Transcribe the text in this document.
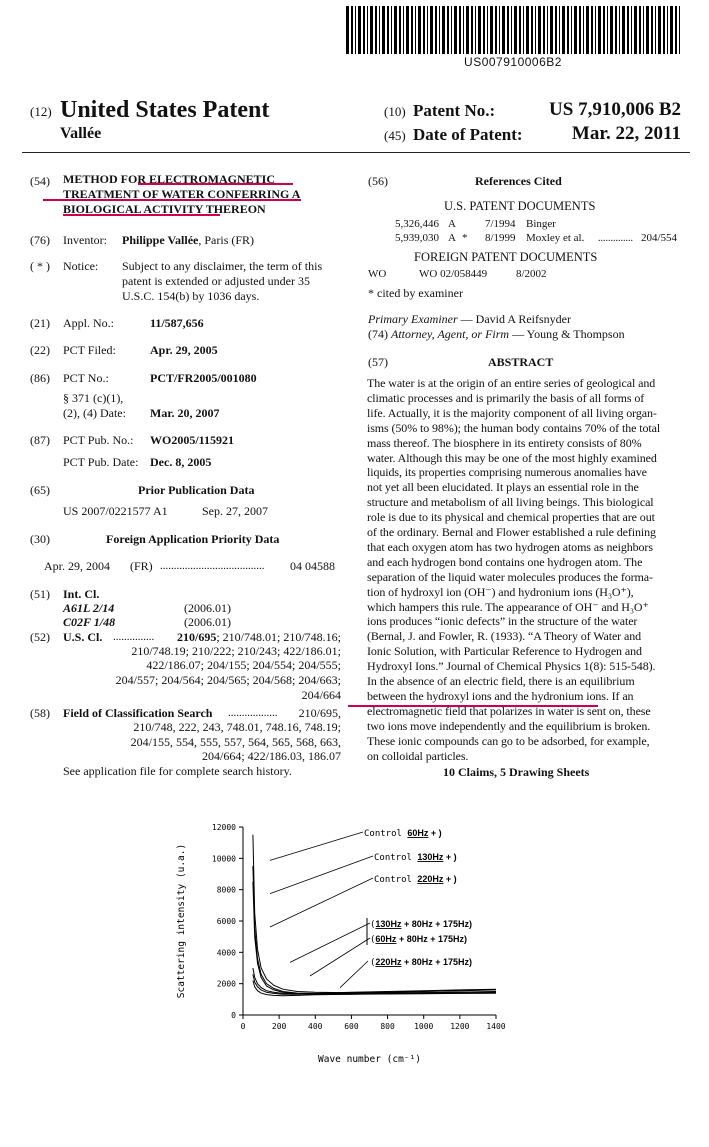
US007910006B2
(12) United States Patent
Vallée
(10) Patent No.:	US 7,910,006 B2
(45) Date of Patent:	Mar. 22, 2011
(54) METHOD FOR ELECTROMAGNETIC
TREATMENT OF WATER CONFERRING A
BIOLOGICAL ACTIVITY THEREON
(76) Inventor: Philippe Vallée, Paris (FR)
( * ) Notice: Subject to any disclaimer, the term of this
patent is extended or adjusted under 35
U.S.C. 154(b) by 1036 days.
(21) Appl. No.:	11/587,656
(22) PCT Filed:	Apr. 29, 2005
(86) PCT No.:	PCT/FR2005/001080
§ 371 (c)(1),
(2), (4) Date: Mar. 20, 2007
(87) PCT Pub. No.: WO2005/115921
PCT Pub. Date: Dec. 8, 2005
(65)	Prior Publication Data
US 2007/0221577 A1	Sep. 27, 2007
(30)	Foreign Application Priority Data
Apr. 29, 2004 (FR) ...................................... 04 04588
(51) Int. Cl.
A61L 2/14	(2006.01)
C02F 1/48	(2006.01)
(52) U.S. Cl. ............... 210/695; 210/748.01; 210/748.16;
210/748.19; 210/222; 210/243; 422/186.01;
422/186.07; 204/155; 204/554; 204/555;
204/557; 204/564; 204/565; 204/568; 204/663;
204/664
(58) Field of Classification Search .................. 210/695,
210/748, 222, 243, 748.01, 748.16, 748.19;
204/155, 554, 555, 557, 564, 565, 568, 663,
204/664; 422/186.03, 186.07
See application file for complete search history.
(56)	References Cited
U.S. PATENT DOCUMENTS
5,326,446 A	7/1994 Binger
5,939,030 A * 8/1999 Moxley et al. .............. 204/554
FOREIGN PATENT DOCUMENTS
WO	WO 02/058449	8/2002
* cited by examiner
Primary Examiner — David A Reifsnyder
(74) Attorney, Agent, or Firm — Young & Thompson
(57)	ABSTRACT
The water is at the origin of an entire series of geological and
climatic processes and is primarily the basis of all forms of
life. Actually, it is the majority component of all living organ-
isms (50% to 98%); the human body contains 70% of the total
mass thereof. The biosphere in its entirety consists of 80%
water. Although this may be one of the most highly examined
liquids, its properties comprising numerous anomalies have
not yet all been elucidated. It plays an essential role in the
structure and metabolism of all living beings. This biological
role is due to its physical and chemical properties that are out
of the ordinary. Bernal and Flower established a rule defining
that each oxygen atom has two hydrogen atoms as neighbors
and each hydrogen bond contains one hydrogen atom. The
separation of the liquid water molecules produces the forma-
tion of hydroxyl ion (OH⁻) and hydronium ions (H₃O⁺),
which hampers this rule. The appearance of OH⁻ and H₃O⁺
ions produces “ionic defects” in the structure of the water
(Bernal, J. and Fowler, R. (1933). “A Theory of Water and
Ionic Solution, with Particular Reference to Hydrogen and
Hydroxyl Ions.” Journal of Chemical Physics 1(8): 515-548).
In the absence of an electric field, there is an equilibrium
between the hydroxyl ions and the hydronium ions. If an
electromagnetic field that polarizes in water is sent on, these
two ions move independently and the equilibrium is broken.
These ionic compounds can go to be adsorbed, for example,
on colloidal particles.
10 Claims, 5 Drawing Sheets
0
2000
4000
6000
8000
10000
12000
0	200	400	600	800 1000 1200 1400
Wave number (cm⁻¹)
Scattering intensity (u.a.)
Control 60Hz + )
Control 130Hz + )
Control 220Hz + )
(130Hz + 80Hz + 175Hz)
(60Hz + 80Hz + 175Hz)
(220Hz + 80Hz + 175Hz)
